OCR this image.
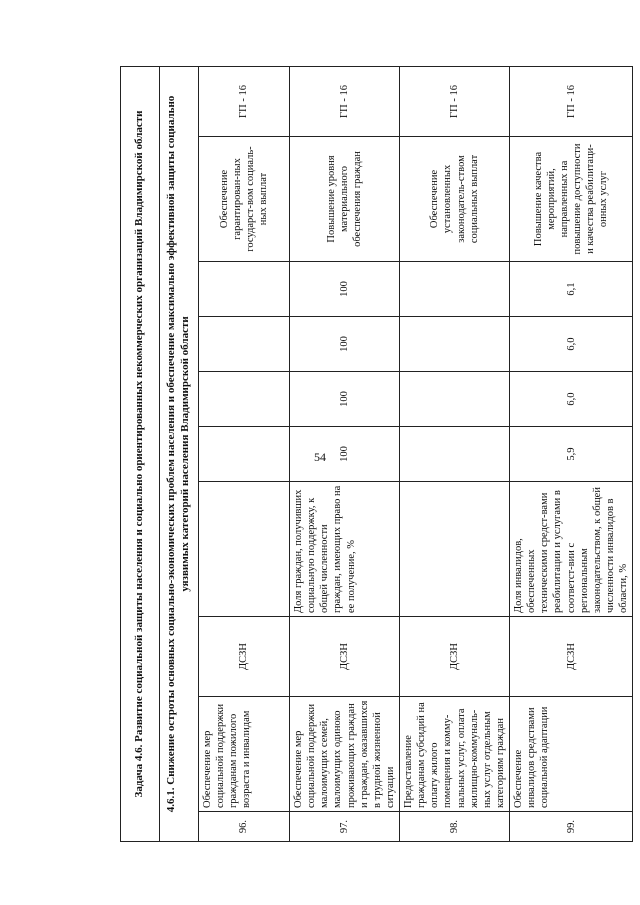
54
Задача 4.6. Развитие социальной защиты населения и социально ориентированных некоммерческих организаций Владимирской области									
4.6.1. Снижение остроты основных социально-экономических проблем населения и обеспечение максимально эффективной защиты социально уязвимых категорий населения Владимирской области									
96.	Обеспечение мер социальной поддержки гражданам пожилого возраста и инвалидам	ДСЗН						Обеспечение гарантирован-ных государст-вом социаль-ных выплат	ГП - 16
97.	Обеспечение мер социальной поддержки малоимущих семей, малоимущих одиноко проживающих граждан и граждан, оказавшихся в трудной жизненной ситуации	ДСЗН	Доля граждан, получивших социальную поддержку, к общей численности граждан, имеющих право на ее получение, %	100	100	100	100	Повышение уровня материального обеспечения граждан	ГП - 16
98.	Предоставление гражданам субсидий на оплату жилого помещения и комму-нальных услуг, оплата жилищно-коммуналь-ных услуг отдельным категориям граждан	ДСЗН						Обеспечение установленных законодатель-ством социальных выплат	ГП - 16
99.	Обеспечение инвалидов средствами социальной адаптации	ДСЗН	Доля инвалидов, обеспеченных техническими средст-вами реабилитации и услугами в соответст-вии с региональным законодательством, к общей численности инвалидов в области, %	5,9	6,0	6,0	6,1	Повышение качества мероприятий, направленных на повышение доступности и качества реабилитаци-онных услуг	ГП - 16
